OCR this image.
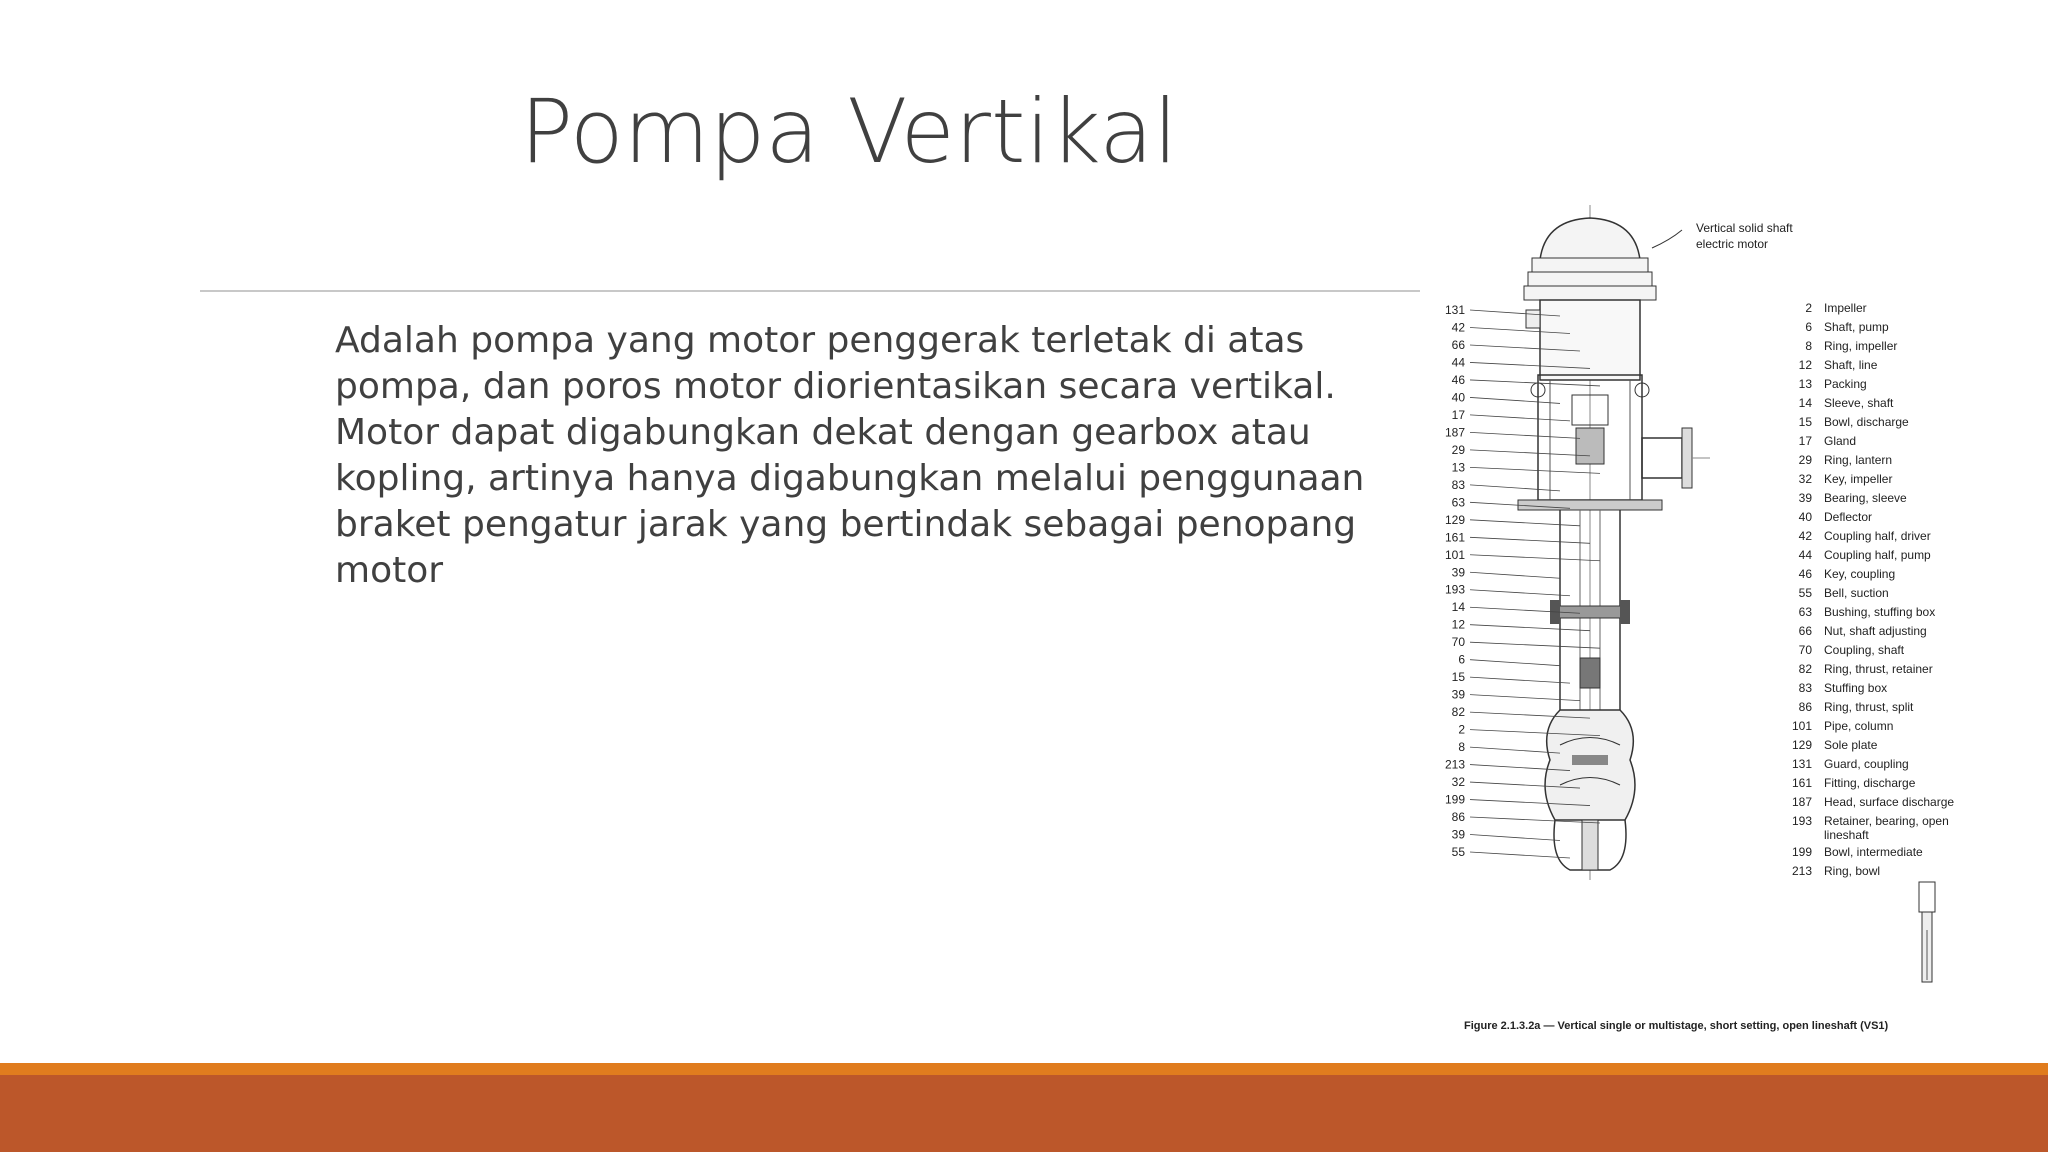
Pompa Vertikal
Adalah pompa yang motor penggerak terletak di atas
pompa, dan poros motor diorientasikan secara vertikal.
Motor dapat digabungkan dekat dengan gearbox atau
kopling, artinya hanya digabungkan melalui penggunaan
braket pengatur jarak yang bertindak sebagai penopang
motor
Vertical solid shaft
electric motor
131
42
66
44
46
40
17
187
29
13
83
63
129
161
101
39
193
14
12
70
6
15
39
82
2
8
213
32
199
86
39
55
2 Impeller
6 Shaft, pump
8 Ring, impeller
12 Shaft, line
13 Packing
14 Sleeve, shaft
15 Bowl, discharge
17 Gland
29 Ring, lantern
32 Key, impeller
39 Bearing, sleeve
40 Deflector
42 Coupling half, driver
44 Coupling half, pump
46 Key, coupling
55 Bell, suction
63 Bushing, stuffing box
66 Nut, shaft adjusting
70 Coupling, shaft
82 Ring, thrust, retainer
83 Stuffing box
86 Ring, thrust, split
101 Pipe, column
129 Sole plate
131 Guard, coupling
161 Fitting, discharge
187 Head, surface discharge
193 Retainer, bearing, open
lineshaft
199 Bowl, intermediate
213 Ring, bowl
Figure 2.1.3.2a — Vertical single or multistage, short setting, open lineshaft (VS1)
